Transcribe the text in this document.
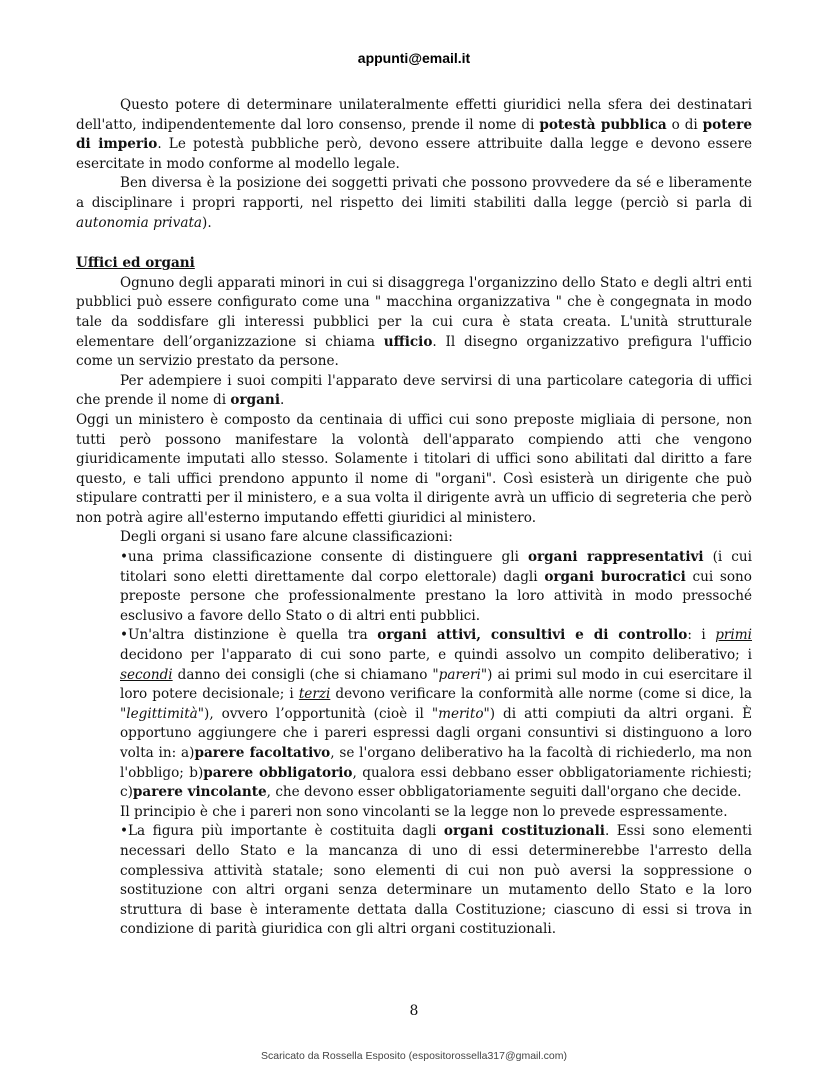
appunti@email.it

Questo potere di determinare unilateralmente effetti giuridici nella sfera dei destinatari dell'atto, indipendentemente dal loro consenso, prende il nome di potestà pubblica o di potere di imperio. Le potestà pubbliche però, devono essere attribuite dalla legge e devono essere esercitate in modo conforme al modello legale.

Ben diversa è la posizione dei soggetti privati che possono provvedere da sé e liberamente a disciplinare i propri rapporti, nel rispetto dei limiti stabiliti dalla legge (perciò si parla di autonomia privata).

Uffici ed organi

Ognuno degli apparati minori in cui si disaggrega l'organizzino dello Stato e degli altri enti pubblici può essere configurato come una " macchina organizzativa " che è congegnata in modo tale da soddisfare gli interessi pubblici per la cui cura è stata creata. L'unità strutturale elementare dell’organizzazione si chiama ufficio. Il disegno organizzativo prefigura l'ufficio come un servizio prestato da persone.

Per adempiere i suoi compiti l'apparato deve servirsi di una particolare categoria di uffici che prende il nome di organi.

Oggi un ministero è composto da centinaia di uffici cui sono preposte migliaia di persone, non tutti però possono manifestare la volontà dell'apparato compiendo atti che vengono giuridicamente imputati allo stesso. Solamente i titolari di uffici sono abilitati dal diritto a fare questo, e tali uffici prendono appunto il nome di "organi". Così esisterà un dirigente che può stipulare contratti per il ministero, e a sua volta il dirigente avrà un ufficio di segreteria che però non potrà agire all'esterno imputando effetti giuridici al ministero.

Degli organi si usano fare alcune classificazioni:

•una prima classificazione consente di distinguere gli organi rappresentativi (i cui titolari sono eletti direttamente dal corpo elettorale) dagli organi burocratici cui sono preposte persone che professionalmente prestano la loro attività in modo pressoché esclusivo a favore dello Stato o di altri enti pubblici.

•Un'altra distinzione è quella tra organi attivi, consultivi e di controllo: i primi decidono per l'apparato di cui sono parte, e quindi assolvo un compito deliberativo; i secondi danno dei consigli (che si chiamano "pareri") ai primi sul modo in cui esercitare il loro potere decisionale; i terzi devono verificare la conformità alle norme (come si dice, la "legittimità"), ovvero l’opportunità (cioè il "merito") di atti compiuti da altri organi. È opportuno aggiungere che i pareri espressi dagli organi consuntivi si distinguono a loro volta in: a)parere facoltativo, se l'organo deliberativo ha la facoltà di richiederlo, ma non l'obbligo; b)parere obbligatorio, qualora essi debbano esser obbligatoriamente richiesti; c)parere vincolante, che devono esser obbligatoriamente seguiti dall'organo che decide.

Il principio è che i pareri non sono vincolanti se la legge non lo prevede espressamente.

•La figura più importante è costituita dagli organi costituzionali. Essi sono elementi necessari dello Stato e la mancanza di uno di essi determinerebbe l'arresto della complessiva attività statale; sono elementi di cui non può aversi la soppressione o sostituzione con altri organi senza determinare un mutamento dello Stato e la loro struttura di base è interamente dettata dalla Costituzione; ciascuno di essi si trova in condizione di parità giuridica con gli altri organi costituzionali.

8
Scaricato da Rossella Esposito (espositorossella317@gmail.com)
